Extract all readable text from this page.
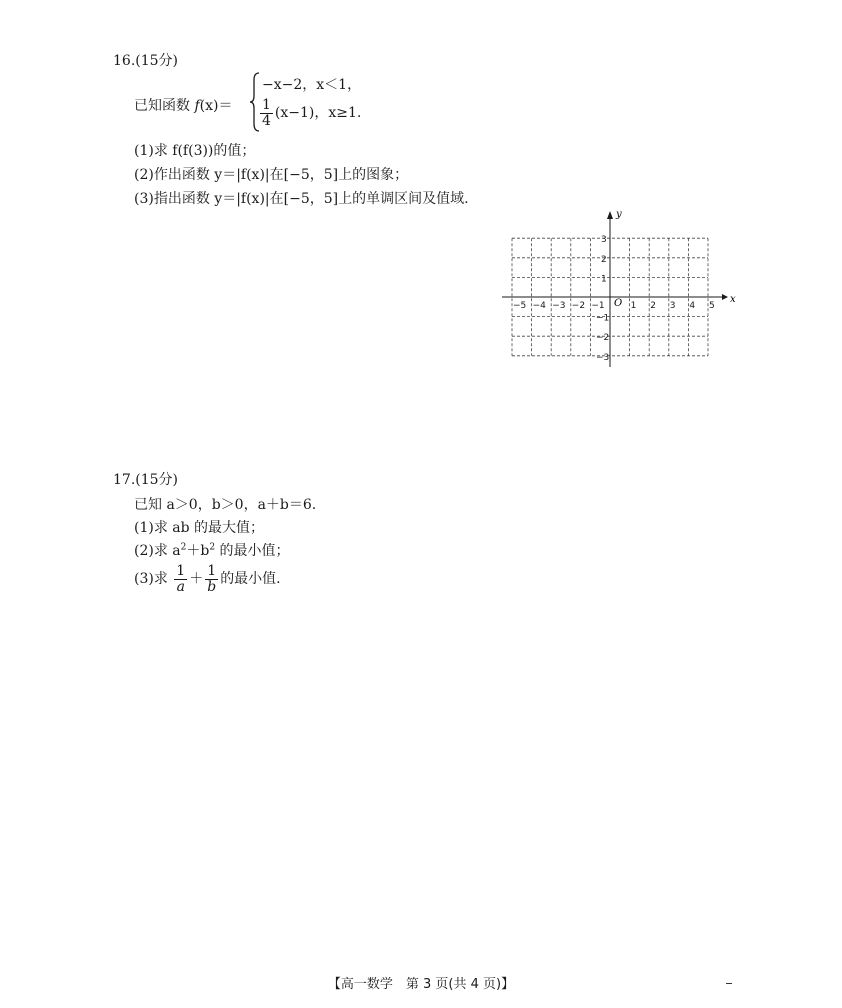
16.(15分)
已知函数 f(x)＝
−x−2，x＜1，
$\frac{1}{4} (x-1)$，x≥1.
(1)求 f(f(3))的值；
(2)作出函数 y＝|f(x)|在[−5，5]上的图象；
(3)指出函数 y＝|f(x)|在[−5，5]上的单调区间及值域.
x
y
O
−5 −4 −3 −2 −1	1 2 3 4 5
3
2
1
−1
−2
−3
17.(15分)
已知 a＞0，b＞0，a＋b＝6.
(1)求 ab 的最大值；
(2)求 $a^2+b^2$ 的最小值；
(3)求 $\frac{1}{a} + \frac{1}{b}$ 的最小值.
【高一数学　第 3 页(共 4 页)】
